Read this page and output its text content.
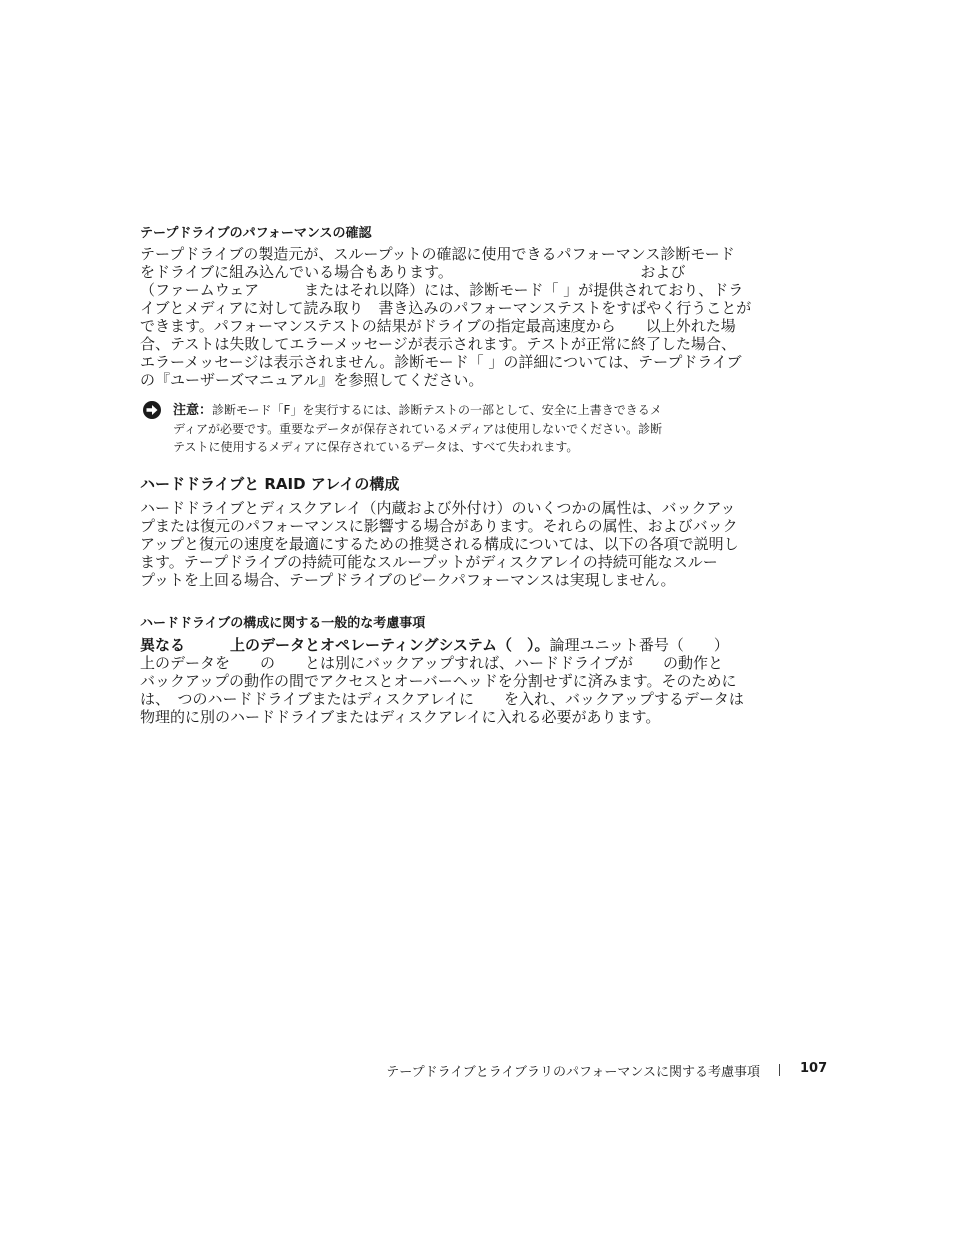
テープドライブのパフォーマンスの確認
テープドライブの製造元が、スループットの確認に使用できるパフォーマンス診断モード
をドライブに組み込んでいる場合もあります。　　　　　　　　　　　　　および
（ファームウェア　　　またはそれ以降）には、診断モード「 」が提供されており、ドラ
イブとメディアに対して読み取り　書き込みのパフォーマンステストをすばやく行うことが
できます。パフォーマンステストの結果がドライブの指定最高速度から　　以上外れた場
合、テストは失敗してエラーメッセージが表示されます。テストが正常に終了した場合、
エラーメッセージは表示されません。診断モード「 」の詳細については、テープドライブ
の『ユーザーズマニュアル』を参照してください。
注意：診断モード「F」を実行するには、診断テストの一部として、安全に上書きできるメ
ディアが必要です。重要なデータが保存されているメディアは使用しないでください。診断
テストに使用するメディアに保存されているデータは、すべて失われます。
ハードドライブと RAID アレイの構成
ハードドライブとディスクアレイ（内蔵および外付け）のいくつかの属性は、バックアッ
プまたは復元のパフォーマンスに影響する場合があります。それらの属性、およびバック
アップと復元の速度を最適にするための推奨される構成については、以下の各項で説明し
ます。テープドライブの持続可能なスループットがディスクアレイの持続可能なスルー
プットを上回る場合、テープドライブのピークパフォーマンスは実現しません。
ハードドライブの構成に関する一般的な考慮事項
異なる　　　上のデータとオペレーティングシステム（　）。論理ユニット番号（　　）
上のデータを　　の　　とは別にバックアップすれば、ハードドライブが　　の動作と
バックアップの動作の間でアクセスとオーバーヘッドを分割せずに済みます。そのために
は、　つのハードドライブまたはディスクアレイに　　を入れ、バックアップするデータは
物理的に別のハードドライブまたはディスクアレイに入れる必要があります。
テープドライブとライブラリのパフォーマンスに関する考慮事項	107
